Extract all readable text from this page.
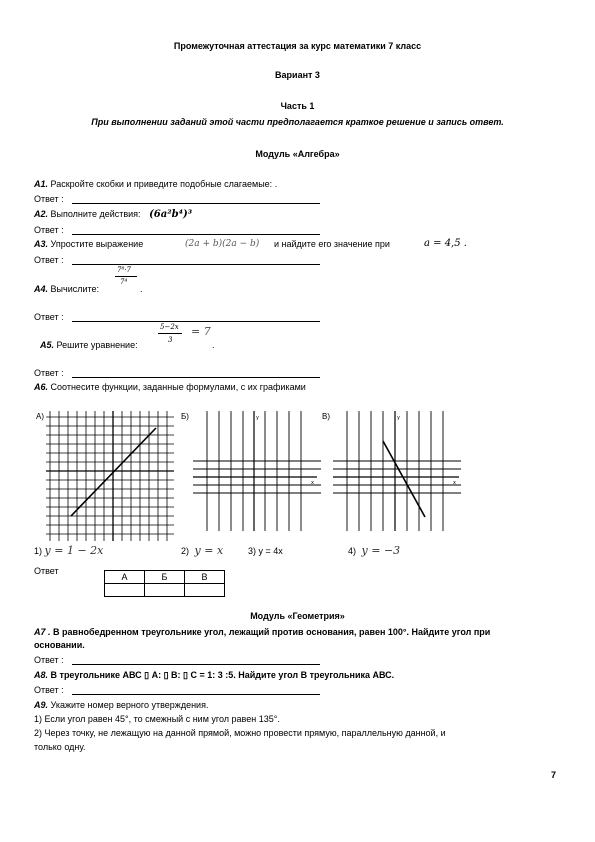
Промежуточная аттестация за курс математики 7 класс
Вариант 3
Часть 1
При выполнении заданий этой части предполагается краткое решение и запись ответ.
Модуль «Алгебра»
А1. Раскройте скобки и приведите подобные слагаемые: .
Ответ :
А2. Выполните действия: (6a²b⁴)³
Ответ :
А3. Упростите выражение	(2a + b)(2a − b) и найдите его значение при	a = 4,5 .
Ответ :
7⁸·7
7⁴
А4. Вычислите:	.
Ответ :
5−2x
3
= 7
А5. Решите уравнение:	.
Ответ :
А6. Соотнесите функции, заданные формулами, с их графиками
А)	Б)
x
y	В)
x
y
1) y = 1 − 2x	2) y = x	3) y = 4x	4) y = −3
Ответ
А	Б	В

Модуль «Геометрия»
А7 . В равнобедренном треугольнике угол, лежащий против основания, равен 100°. Найдите угол при
основании.
Ответ :
А8. В треугольнике АВС ▯ А: ▯ В: ▯ С = 1: 3 :5. Найдите угол В треугольника АВС.
Ответ :
А9. Укажите номер верного утверждения.
1) Если угол равен 45°, то смежный с ним угол равен 135°.
2) Через точку, не лежащую на данной прямой, можно провести прямую, параллельную данной, и
только одну.
7
